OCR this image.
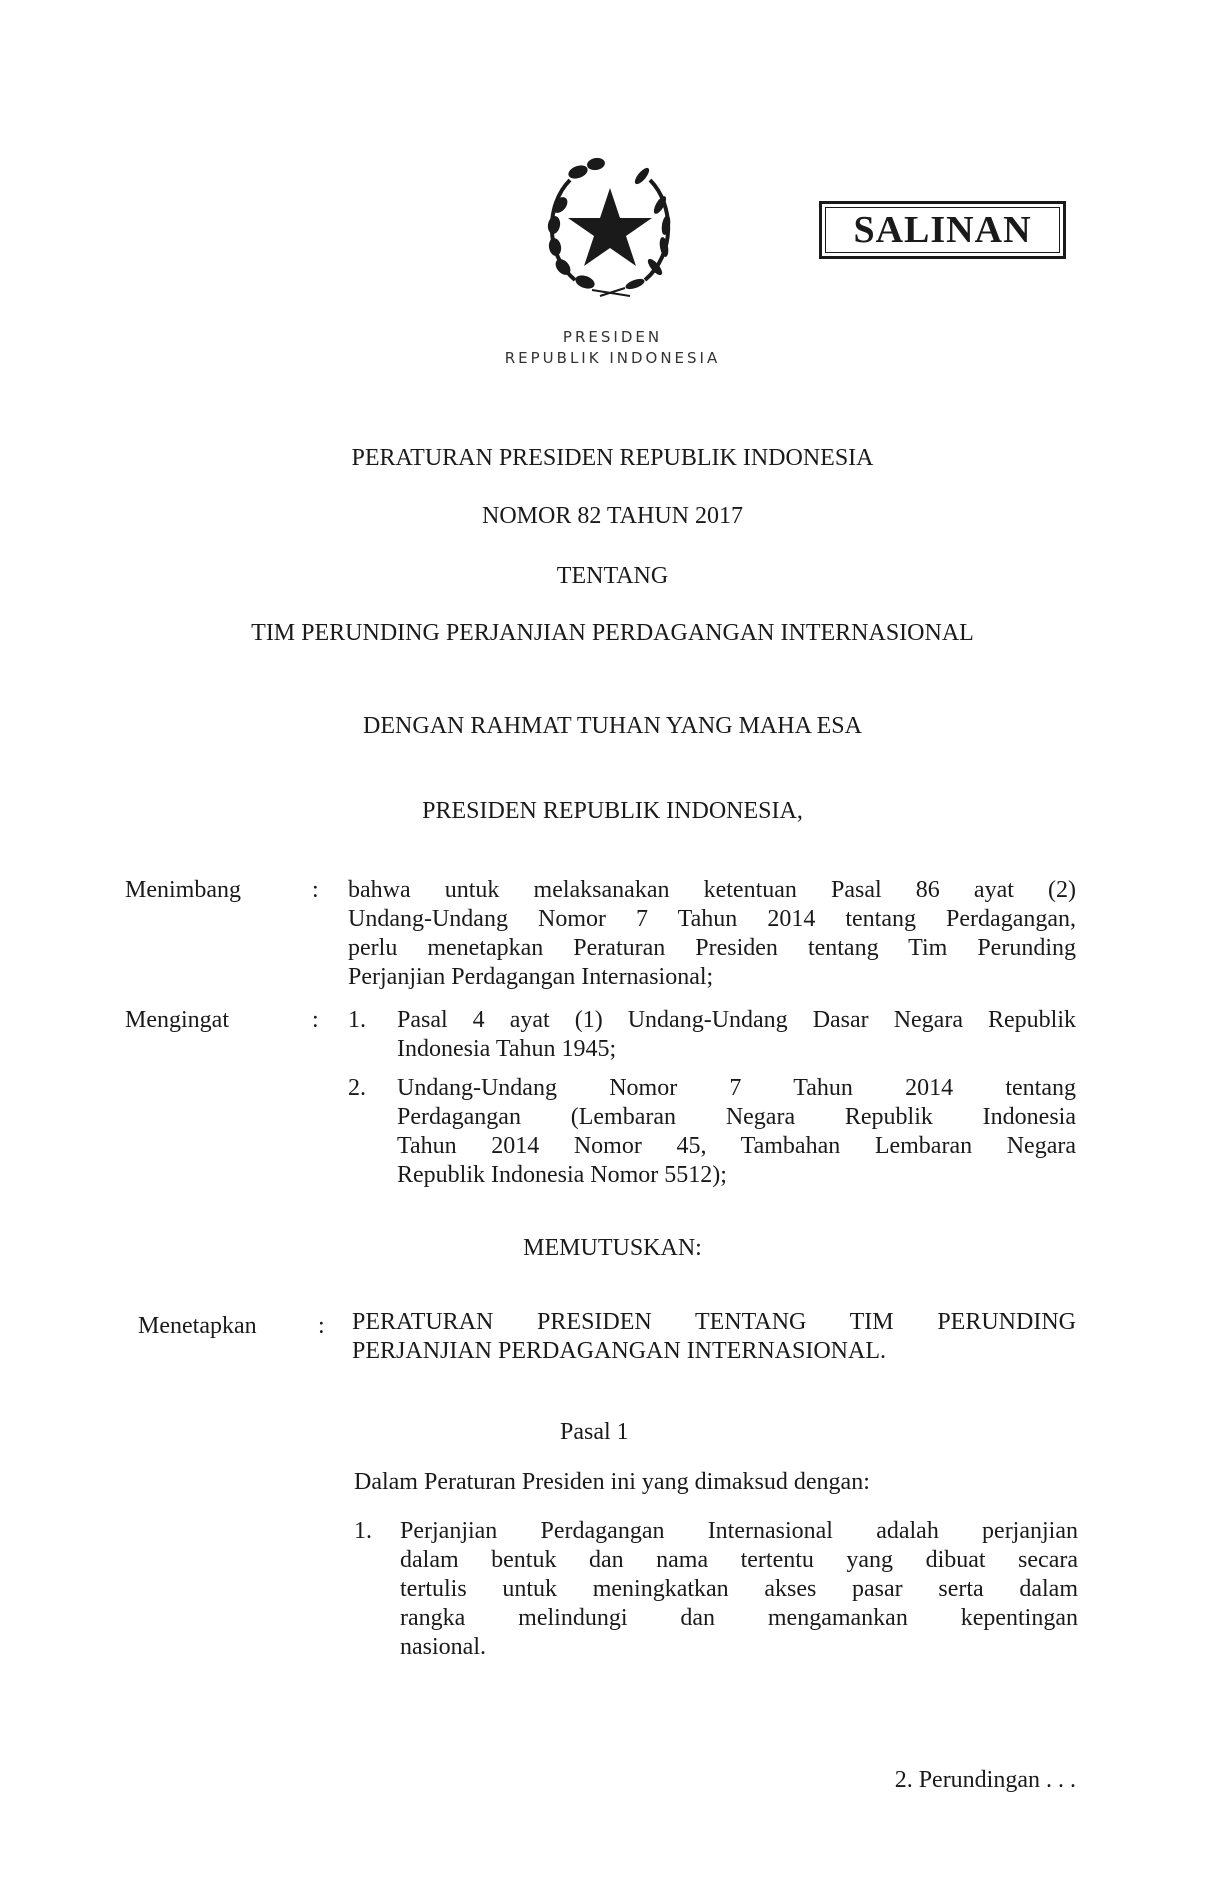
SALINAN
PRESIDEN
REPUBLIK INDONESIA
PERATURAN PRESIDEN REPUBLIK INDONESIA
NOMOR 82 TAHUN 2017
TENTANG
TIM PERUNDING PERJANJIAN PERDAGANGAN INTERNASIONAL
DENGAN RAHMAT TUHAN YANG MAHA ESA
PRESIDEN REPUBLIK INDONESIA,
Menimbang	: bahwa untuk melaksanakan ketentuan Pasal 86 ayat (2)
Undang-Undang Nomor 7 Tahun 2014 tentang Perdagangan,
perlu menetapkan Peraturan Presiden tentang Tim Perunding
Perjanjian Perdagangan Internasional;
Mengingat	: 1. Pasal 4 ayat (1) Undang-Undang Dasar Negara Republik
Indonesia Tahun 1945;
2. Undang-Undang Nomor 7 Tahun 2014 tentang
Perdagangan (Lembaran Negara Republik Indonesia
Tahun 2014 Nomor 45, Tambahan Lembaran Negara
Republik Indonesia Nomor 5512);
MEMUTUSKAN:
Menetapkan	: PERATURAN PRESIDEN TENTANG TIM PERUNDING
PERJANJIAN PERDAGANGAN INTERNASIONAL.
Pasal 1
Dalam Peraturan Presiden ini yang dimaksud dengan:
1. Perjanjian Perdagangan Internasional adalah perjanjian
dalam bentuk dan nama tertentu yang dibuat secara
tertulis untuk meningkatkan akses pasar serta dalam
rangka melindungi dan mengamankan kepentingan
nasional.
2. Perundingan . . .
